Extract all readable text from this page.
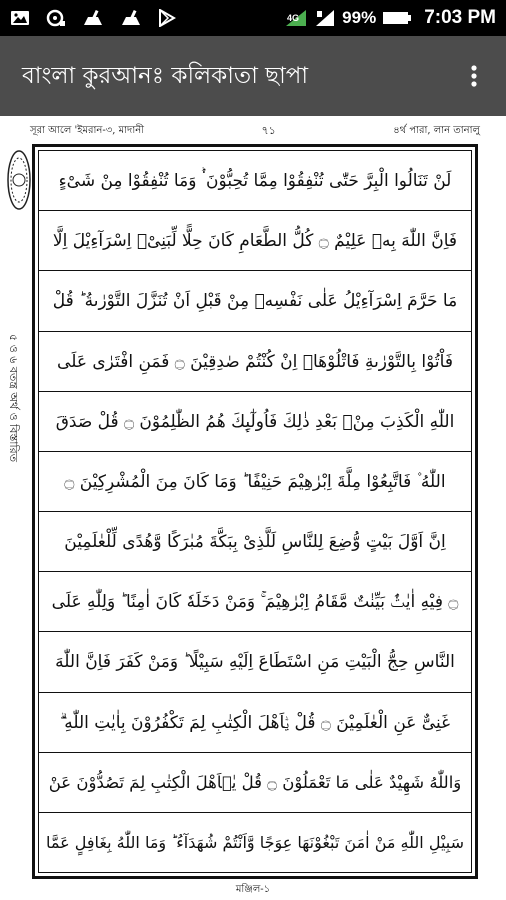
4G	99%	7:03 PM
বাংলা কুরআনঃ কলিকাতা ছাপা
সূরা আলে 'ইমরান-৩, মাদানী	৭১	৪র্থ পারা, লান তানালু
৫ ও ৬ বতন্ত্র অর্থ ও বিস্তারিত
لَنْ تَنَالُوا الْبِرَّ حَتّٰى تُنْفِقُوْا مِمَّا تُحِبُّوْنَ ۬ؕ وَمَا تُنْفِقُوْا مِنْ شَیْءٍ
فَاِنَّ اللّٰهَ بِهٖ عَلِیْمٌ ۝ كُلُّ الطَّعَامِ كَانَ حِلًّا لِّبَنِیْۤ اِسْرَآءِیْلَ اِلَّا
مَا حَرَّمَ اِسْرَآءِیْلُ عَلٰی نَفْسِهٖ مِنْ قَبْلِ اَنْ تُنَزَّلَ التَّوْرٰىةُ ؕ قُلْ
فَاْتُوْا بِالتَّوْرٰىةِ فَاتْلُوْهَاۤ اِنْ كُنْتُمْ صٰدِقِیْنَ ۝ فَمَنِ افْتَرٰی عَلَی
اللّٰهِ الْكَذِبَ مِنْۢ بَعْدِ ذٰلِكَ فَاُولٰٓىِٕكَ هُمُ الظّٰلِمُوْنَ ۝ قُلْ صَدَقَ
اللّٰهُ ۫ فَاتَّبِعُوْا مِلَّةَ اِبْرٰهِیْمَ حَنِیْفًا ؕ وَمَا كَانَ مِنَ الْمُشْرِكِیْنَ ۝
اِنَّ اَوَّلَ بَیْتٍ وُّضِعَ لِلنَّاسِ لَلَّذِیْ بِبَكَّةَ مُبٰرَكًا وَّهُدًی لِّلْعٰلَمِیْنَ
۝ فِیْهِ اٰیٰتٌۢ بَیِّنٰتٌ مَّقَامُ اِبْرٰهِیْمَ ۚ وَمَنْ دَخَلَهٗ كَانَ اٰمِنًا ؕ وَلِلّٰهِ عَلَی
النَّاسِ حِجُّ الْبَیْتِ مَنِ اسْتَطَاعَ اِلَیْهِ سَبِیْلًا ؕ وَمَنْ كَفَرَ فَاِنَّ اللّٰهَ
غَنِیٌّ عَنِ الْعٰلَمِیْنَ ۝ قُلْ یٰۤاَهْلَ الْكِتٰبِ لِمَ تَكْفُرُوْنَ بِاٰیٰتِ اللّٰهِ ۗ
وَاللّٰهُ شَهِیْدٌ عَلٰی مَا تَعْمَلُوْنَ ۝ قُلْ یٰۤاَهْلَ الْكِتٰبِ لِمَ تَصُدُّوْنَ عَنْ
سَبِیْلِ اللّٰهِ مَنْ اٰمَنَ تَبْغُوْنَهَا عِوَجًا وَّاَنْتُمْ شُهَدَآءُ ؕ وَمَا اللّٰهُ بِغَافِلٍ عَمَّا
মঞ্জিল-১
